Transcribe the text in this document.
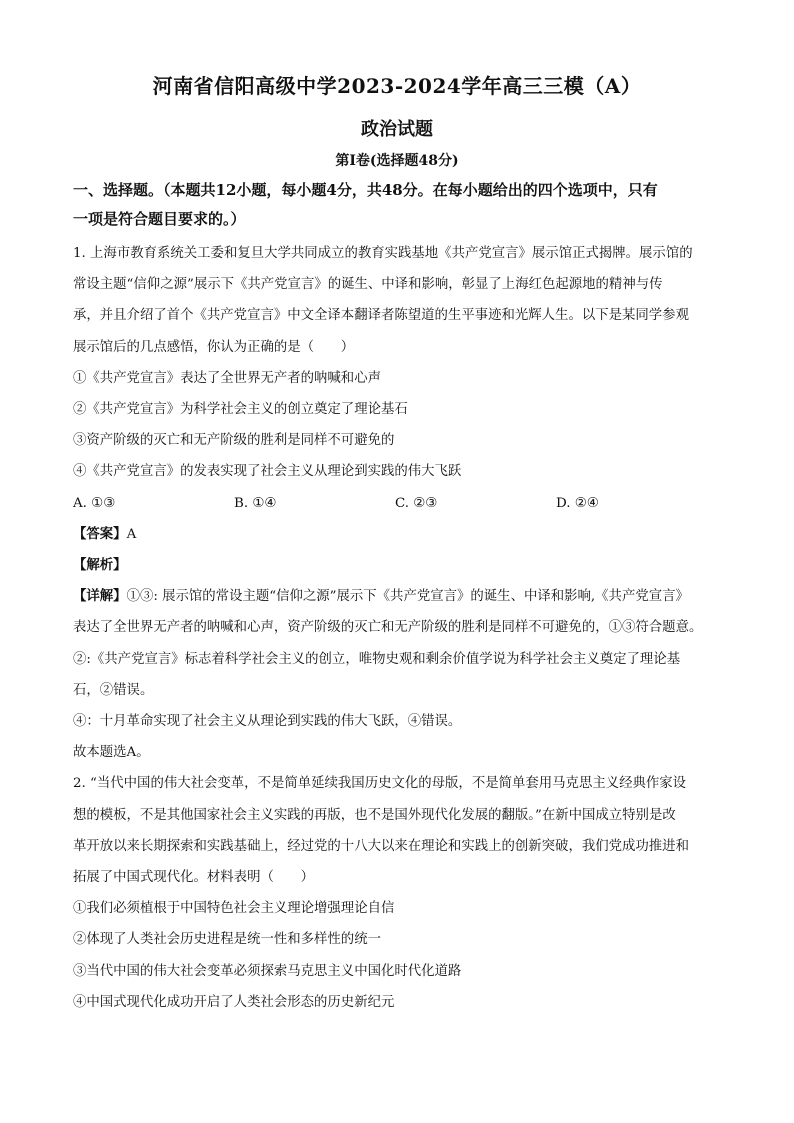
河南省信阳高级中学2023-2024学年高三三模（A）
政治试题
第Ⅰ卷(选择题48分)
一、选择题。（本题共12小题，每小题4分，共48分。在每小题给出的四个选项中，只有
一项是符合题目要求的。）

1. 上海市教育系统关工委和复旦大学共同成立的教育实践基地《共产党宣言》展示馆正式揭牌。展示馆的

常设主题“信仰之源”展示下《共产党宣言》的诞生、中译和影响，彰显了上海红色起源地的精神与传

承，并且介绍了首个《共产党宣言》中文全译本翻译者陈望道的生平事迹和光辉人生。以下是某同学参观

展示馆后的几点感悟，你认为正确的是（　　）

①《共产党宣言》表达了全世界无产者的呐喊和心声

②《共产党宣言》为科学社会主义的创立奠定了理论基石

③资产阶级的灭亡和无产阶级的胜利是同样不可避免的

④《共产党宣言》的发表实现了社会主义从理论到实践的伟大飞跃

A. ①③	B. ①④	C. ②③	D. ②④

【答案】A

【解析】

【详解】①③: 展示馆的常设主题“信仰之源”展示下《共产党宣言》的诞生、中译和影响,《共产党宣言》

表达了全世界无产者的呐喊和心声，资产阶级的灭亡和无产阶级的胜利是同样不可避免的，①③符合题意。

②:《共产党宣言》标志着科学社会主义的创立，唯物史观和剩余价值学说为科学社会主义奠定了理论基

石，②错误。

④：十月革命实现了社会主义从理论到实践的伟大飞跃，④错误。

故本题选A。

2. “当代中国的伟大社会变革，不是简单延续我国历史文化的母版，不是简单套用马克思主义经典作家设

想的模板，不是其他国家社会主义实践的再版，也不是国外现代化发展的翻版。”在新中国成立特别是改

革开放以来长期探索和实践基础上，经过党的十八大以来在理论和实践上的创新突破，我们党成功推进和

拓展了中国式现代化。材料表明（　　）

①我们必须植根于中国特色社会主义理论增强理论自信

②体现了人类社会历史进程是统一性和多样性的统一

③当代中国的伟大社会变革必须探索马克思主义中国化时代化道路

④中国式现代化成功开启了人类社会形态的历史新纪元
